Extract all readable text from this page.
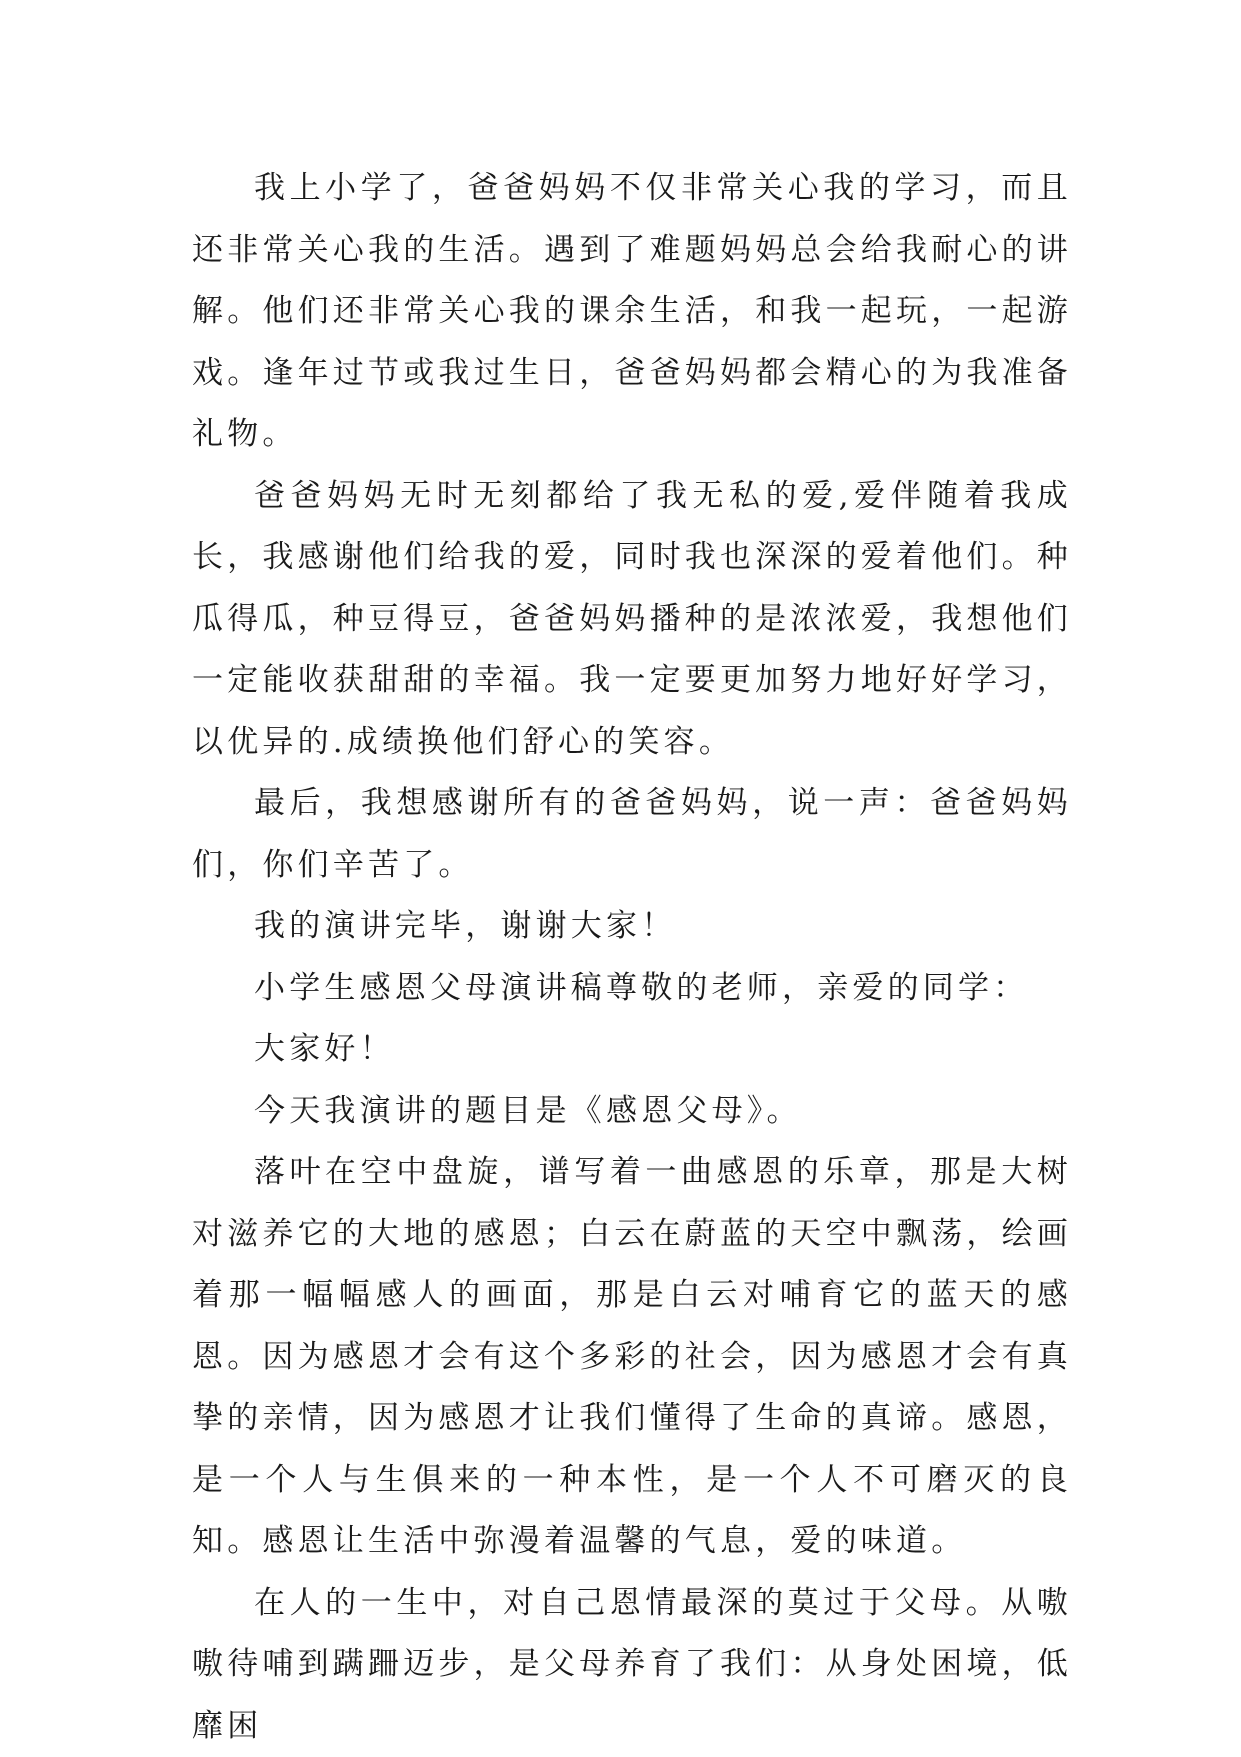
我上小学了，爸爸妈妈不仅非常关心我的学习，而且还非常关心我的生活。遇到了难题妈妈总会给我耐心的讲解。他们还非常关心我的课余生活，和我一起玩，一起游戏。逢年过节或我过生日，爸爸妈妈都会精心的为我准备礼物。

爸爸妈妈无时无刻都给了我无私的爱,爱伴随着我成长，我感谢他们给我的爱，同时我也深深的爱着他们。种瓜得瓜，种豆得豆，爸爸妈妈播种的是浓浓爱，我想他们一定能收获甜甜的幸福。我一定要更加努力地好好学习，以优异的.成绩换他们舒心的笑容。

最后，我想感谢所有的爸爸妈妈，说一声：爸爸妈妈们，你们辛苦了。

我的演讲完毕，谢谢大家！

小学生感恩父母演讲稿尊敬的老师，亲爱的同学：

大家好！

今天我演讲的题目是《感恩父母》。

落叶在空中盘旋，谱写着一曲感恩的乐章，那是大树对滋养它的大地的感恩；白云在蔚蓝的天空中飘荡，绘画着那一幅幅感人的画面，那是白云对哺育它的蓝天的感恩。因为感恩才会有这个多彩的社会，因为感恩才会有真挚的亲情，因为感恩才让我们懂得了生命的真谛。感恩，是一个人与生俱来的一种本性，是一个人不可磨灭的良知。感恩让生活中弥漫着温馨的气息，爱的味道。

在人的一生中，对自己恩情最深的莫过于父母。从嗷嗷待哺到蹒跚迈步，是父母养育了我们：从身处困境，低靡困
